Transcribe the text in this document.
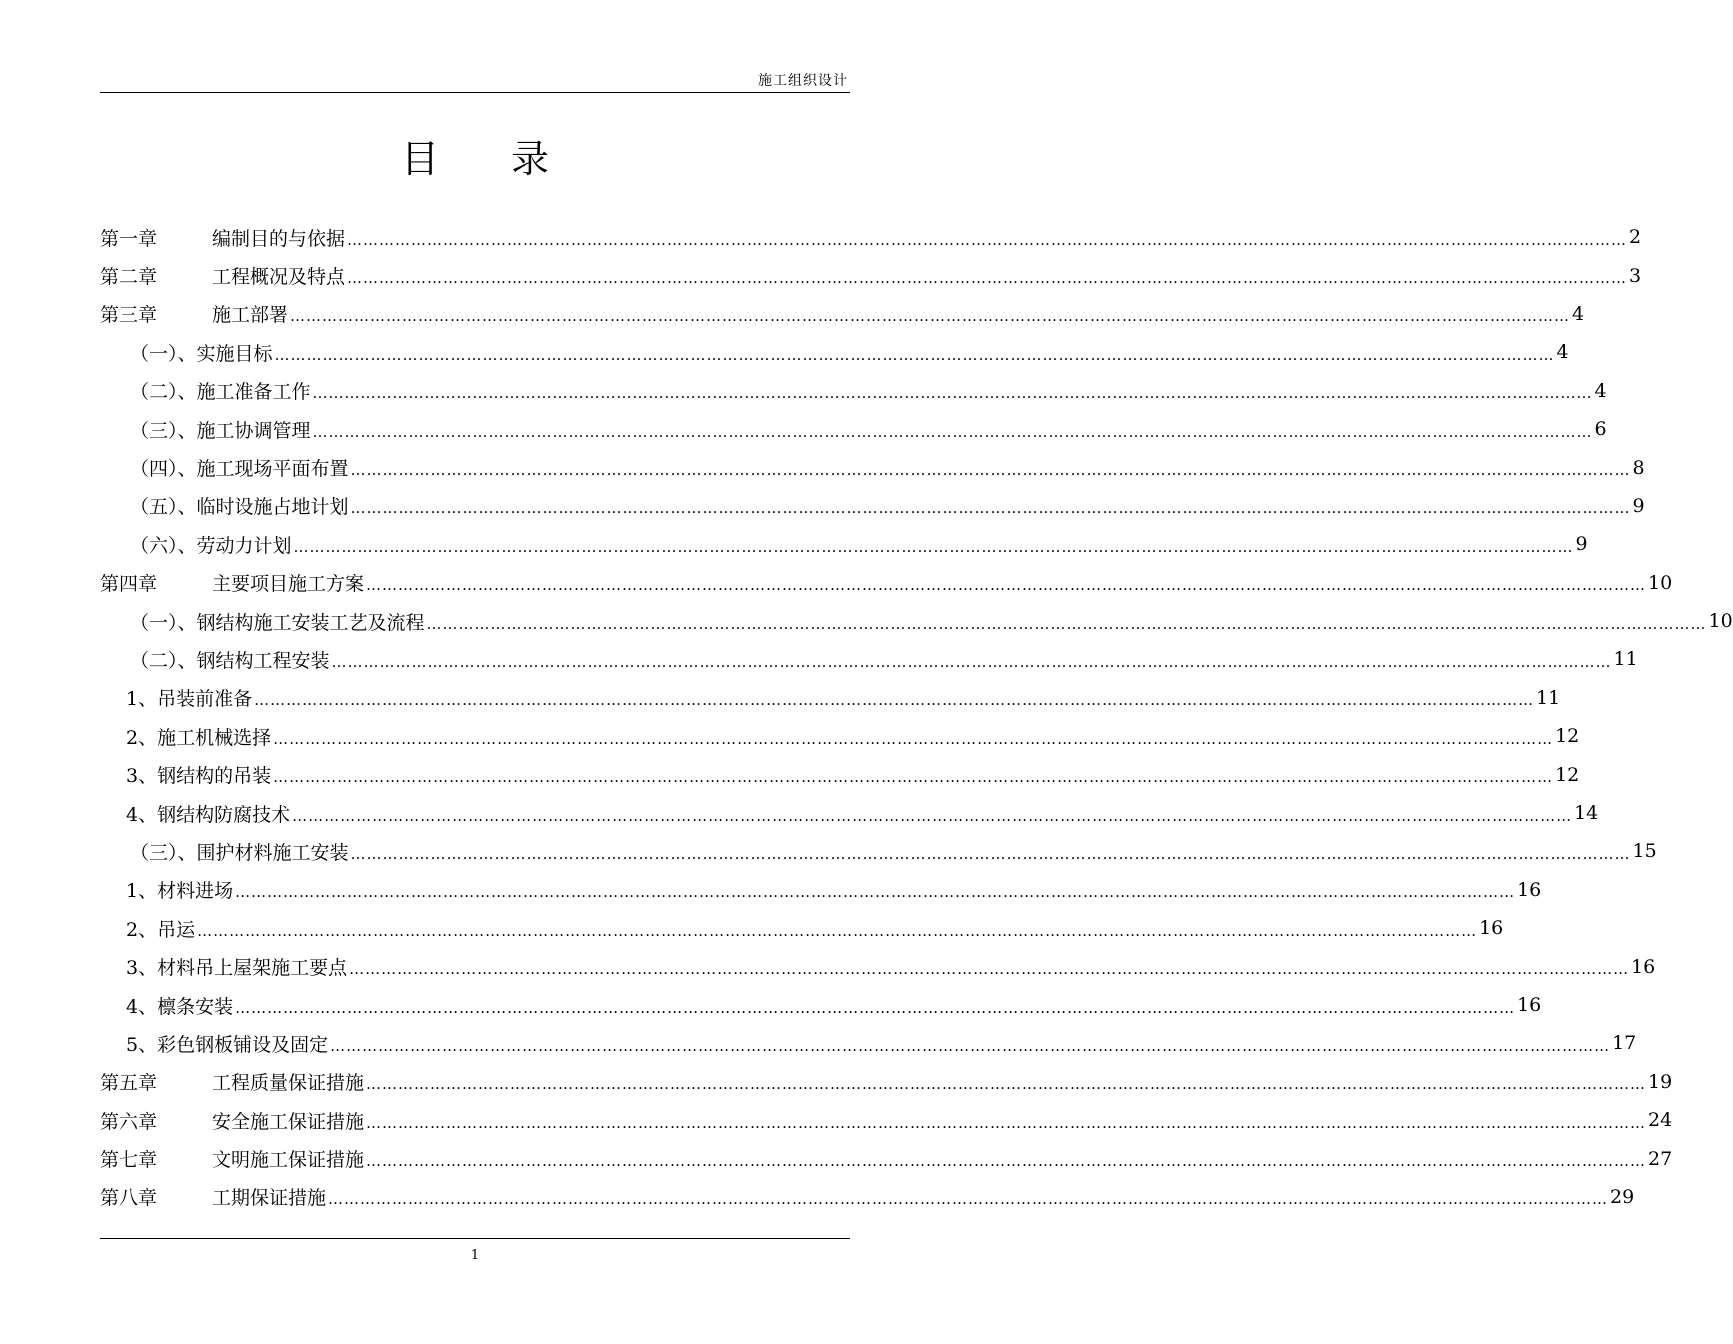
施工组织设计
目 录
第一章	编制目的与依据 …………………………………………………………………………………………………………………………………………………………………………………………………………………… 2
第二章	工程概况及特点 …………………………………………………………………………………………………………………………………………………………………………………………………………………… 3
第三章	施工部署 …………………………………………………………………………………………………………………………………………………………………………………………………………………… 4
（一）、实施目标 …………………………………………………………………………………………………………………………………………………………………………………………………………………… 4
（二）、施工准备工作 …………………………………………………………………………………………………………………………………………………………………………………………………………………… 4
（三）、施工协调管理 …………………………………………………………………………………………………………………………………………………………………………………………………………………… 6
（四）、施工现场平面布置 …………………………………………………………………………………………………………………………………………………………………………………………………………………… 8
（五）、临时设施占地计划 …………………………………………………………………………………………………………………………………………………………………………………………………………………… 9
（六）、劳动力计划 …………………………………………………………………………………………………………………………………………………………………………………………………………………… 9
第四章	主要项目施工方案 …………………………………………………………………………………………………………………………………………………………………………………………………………………… 10
（一）、钢结构施工安装工艺及流程 …………………………………………………………………………………………………………………………………………………………………………………………………………………… 10
（二）、钢结构工程安装 …………………………………………………………………………………………………………………………………………………………………………………………………………………… 11
1、吊装前准备 …………………………………………………………………………………………………………………………………………………………………………………………………………………… 11
2、施工机械选择 …………………………………………………………………………………………………………………………………………………………………………………………………………………… 12
3、钢结构的吊装 …………………………………………………………………………………………………………………………………………………………………………………………………………………… 12
4、钢结构防腐技术 …………………………………………………………………………………………………………………………………………………………………………………………………………………… 14
（三）、围护材料施工安装 …………………………………………………………………………………………………………………………………………………………………………………………………………………… 15
1、材料进场 …………………………………………………………………………………………………………………………………………………………………………………………………………………… 16
2、吊运 …………………………………………………………………………………………………………………………………………………………………………………………………………………… 16
3、材料吊上屋架施工要点 …………………………………………………………………………………………………………………………………………………………………………………………………………………… 16
4、檩条安装 …………………………………………………………………………………………………………………………………………………………………………………………………………………… 16
5、彩色钢板铺设及固定 …………………………………………………………………………………………………………………………………………………………………………………………………………………… 17
第五章	工程质量保证措施 …………………………………………………………………………………………………………………………………………………………………………………………………………………… 19
第六章	安全施工保证措施 …………………………………………………………………………………………………………………………………………………………………………………………………………………… 24
第七章	文明施工保证措施 …………………………………………………………………………………………………………………………………………………………………………………………………………………… 27
第八章	工期保证措施 …………………………………………………………………………………………………………………………………………………………………………………………………………………… 29
1
